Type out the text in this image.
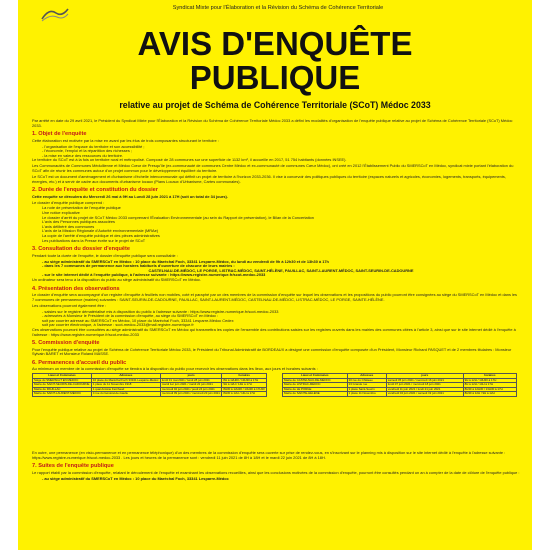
Syndicat Mixte pour l'Élaboration et la Révision du Schéma de Cohérence Territoriale
AVIS D'ENQUÊTE
PUBLIQUE
relative au projet de Schéma de Cohérence Territoriale (SCoT) Médoc 2033

Par arrêté en date du 29 avril 2021, le Président du Syndicat Mixte pour l'Élaboration et la Révision du Schéma de Cohérence Territoriale Médoc 2033 a défini les modalités d'organisation de l'enquête publique relative au projet de Schéma de Cohérence Territoriale (SCoT) Médoc 2033.

1. Objet de l'enquête

Cette élaboration est motivée par la mise en avant par les élus de trois composantes structurant le territoire :

- l'organisation de l'espace du territoire et son accessibilité ;
- l'économie, l'emploi et la répartition des richesses ;
- la mise en valeur des ressources du territoire.

Le territoire du SCoT est à la fois un territoire rural et métropolisé. Composé de 28 communes sur une superficie de 1132 km², il accueille en 2017, 51 754 habitants (données INSEE).

Les Communautés de Communes Médullienne et Médoc Cœur de Presqu'île (ex-communauté de communes Centre Médoc et ex-communauté de communes Cœur Médoc), ont créé en 2012 l'Établissement Public du SMERSCoT en Médoc, syndicat mixte portant l'élaboration du SCoT afin de réunir les communes autour d'un projet commun pour le développement équilibré du territoire.

Le SCoT est un document d'aménagement et d'urbanisme d'échelle intercommunale qui définit un projet de territoire à l'horizon 2033-2036. Il vise à concevoir des politiques publiques du territoire (espaces naturels et agricoles, économies, logements, transports, équipements, énergies, etc.) et à servir de cadre aux documents d'urbanisme locaux (Plans Locaux d'Urbanisme, Cartes communales).

2. Durée de l'enquête et constitution du dossier

Cette enquête se déroulera du Mercredi 26 mai à 9H au Lundi 28 juin 2021 à 17H (soit un total de 34 jours).

Le dossier d'enquête publique comprend :

La note de présentation de l'enquête publique
Une notice explicative
Le dossier d'arrêt du projet de SCoT Médoc 2033 comprenant l'Évaluation Environnementale (au sein du Rapport de présentation), le Bilan de la Concertation
L'avis des Personnes publiques associées
L'avis délibéré des communes
L'avis de la Mission Régionale d'Autorité environnementale (MRAe)
La copie de l'arrêté d'enquête publique et des pièces administratives
Les publications dans la Presse écrite sur le projet de SCoT
3. Consultation du dossier d'enquête

Pendant toute la durée de l'enquête, le dossier d'enquête publique sera consultable :

- au siège administratif du SMERSCoT en Médoc : 10 place du Maréchal Foch, 33341 Lesparre-Médoc, du lundi au vendredi de 9h à 12h30 et de 13h30 à 17h
- dans les 7 communes de permanence aux horaires habituels d'ouverture de chacune de leurs mairies :
CASTELNAU-DE-MÉDOC, LE PORGE, LISTRAC-MÉDOC, SAINT-HÉLÈNE, PAUILLAC, SAINT-LAURENT-MÉDOC, SAINT-SEURIN-DE-CADOURNE
- sur le site internet dédié à l'enquête publique, à l'adresse suivante : https://www.registre-numerique.fr/scot-medoc-2033

Un ordinateur sera tenu à la disposition du public au siège administratif du SMERSCoT en Médoc.

4. Présentation des observations

Le dossier d'enquête sera accompagné d'un registre d'enquête à feuillets non mobiles, coté et paraphé par un des membres de la commission d'enquête sur lequel les observations et les propositions du public pourront être consignées au siège du SMERSCoT en Médoc et dans les 7 communes de permanence (mairies) suivantes : SAINT-SEURIN-DE-CADOURNE, PAUILLAC, SAINT-LAURENT-MÉDOC, CASTELNAU-DE-MÉDOC, LISTRAC-MÉDOC, LE PORGE, SAINTE-HÉLÈNE.

Les observations pourront également être :

- saisies sur le registre dématérialisé mis à disposition du public à l'adresse suivante : https://www.registre-numerique.fr/scot-medoc-2033
- adressées à Monsieur le Président de la commission d'enquête, au siège du SMERSCoT en Médoc :
soit par courrier adressé au SMERSCoT en Médoc, 10 place du Maréchal Foch, 33341 Lesparre-Médoc Cedex
soit par courrier électronique, à l'adresse : scot-medoc-2033@mail.registre-numerique.fr

Ces observations pourront être consultées au siège administratif du SMERSCoT en Médoc qui transmettra les copies de l'ensemble des contributions saisies sur les registres ouverts dans les mairies des communes citées à l'article 3, ainsi que sur le site internet dédié à l'enquête à l'adresse : https://www.registre-numerique.fr/scot-medoc-2033

5. Commission d'enquête

Pour l'enquête publique relative au projet de Schéma de Cohérence Territoriale Médoc 2033, le Président du Tribunal Administratif de BORDEAUX a désigné une commission d'enquête composée d'un Président, Monsieur Richard PASQUET et de 2 membres titulaires : Monsieur Sylvain BARET et Monsieur Roland MASSE.

6. Permanences d'accueil du public

Au minimum un membre de la commission d'enquête se tiendra à la disposition du public pour recevoir les observations dans les lieux, aux jours et horaires suivants :

Lieux et Communes	Adresses	jours	horaires
Siège du SMERSCoT EN MÉDOC	10 place du Maréchal Foch 33341 Lesparre-Médoc	lundi 31 mai 2021 / lundi 28 juin 2021	8H à 12H00 / 13H30 à 17H
Mairie de SAINT-SEURIN-DE-CADOURNE	1 place du 11 Novembre 1918	mardi 1er juin 2021 / mardi 22 juin 2021	9H à 12H / 14H à 17H
Mairie de PAUILLAC	1 quai Antoine Ferchaud	mercredi 02 juin 2021 / jeudi 24 juin 2021	8H30 à 12H30 / 13H30 à 17H30
Mairie de SAINT-LAURENT-MÉDOC	4 rue du Général-de-Gaulle	mercredi 09 juin 2021 / mercredi 23 juin 2021	8H30 à 12H / 14H à 17H
Lieux et Communes	Adresses	jours	horaires
Mairie de CASTELNAU-DE-MÉDOC	20 rue du Château	samedi 05 juin 2021 / mercredi 16 juin 2021	9H à 12H / 13H30 à 17H
Mairie de LISTRAC-MÉDOC	23 Grande rue	lundi 07 juin 2021 / mercredi 18 juin 2021	8H à 12H / 14H à 17H
Mairie de LE PORGE	1 place Saint-Seurin	vendredi 11 juin 2021 / lundi 21 juin 2021	8H30 à 12H30 / 13H30 à 17H
Mairie de SAINTE-HÉLÈNE	1 place 11 Novembre	vendredi 04 juin 2021 / samedi 19 juin 2021	8H30 à 12H / 9H à 12H

En outre, une permanence (en visio-permanence et en permanence téléphonique) d'un des membres de la commission d'enquête sera ouverte sur prise de rendez-vous, en s'inscrivant sur le planning mis à disposition sur le site internet dédié à l'enquête à l'adresse suivante : https://www.registre-numerique.fr/scot-medoc-2033 . Les jours et heures de la permanence sont : vendredi 11 juin 2021 de 8H à 18H et le mardi 22 juin 2021 de 8H à 18H.

7. Suites de l'enquête publique

Le rapport établi par la commission d'enquête, relatant le déroulement de l'enquête et examinant les observations recueillies, ainsi que les conclusions motivées de la commission d'enquête, pourront être consultés pendant un an à compter de la date de clôture de l'enquête publique :

- au siège administratif du SMERSCoT en Médoc : 10 place du Maréchal Foch, 33341 Lesparre-Médoc
